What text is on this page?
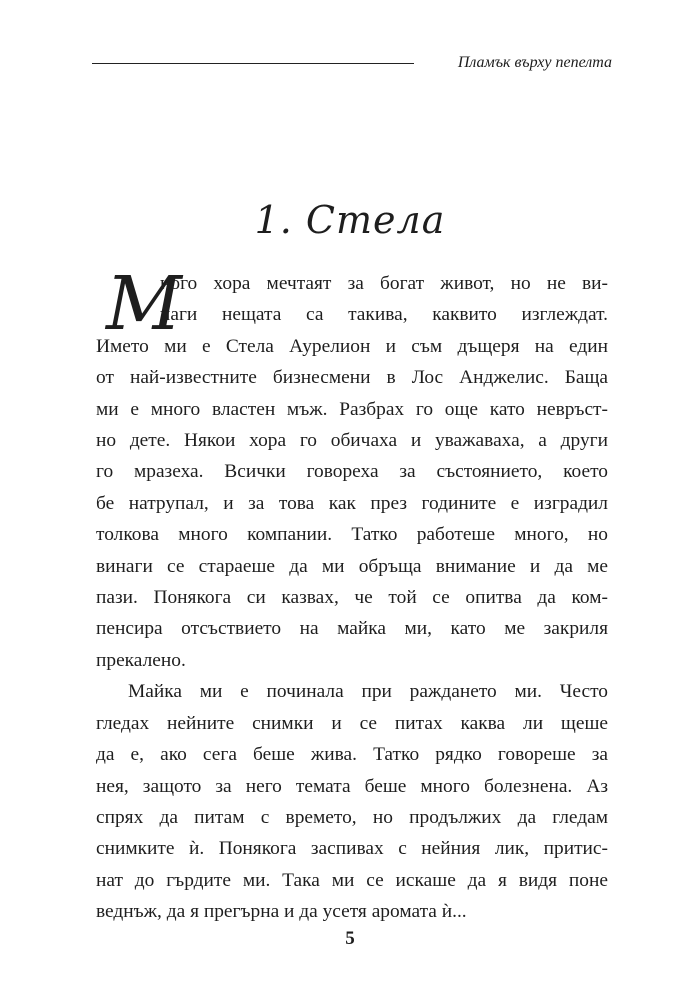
Пламък върху пепелта
1. Стела
М
ного хора мечтаят за богат живот, но не ви-
наги нещата са такива, каквито изглеждат.
Името ми е Стела Аурелион и съм дъщеря на един
от най-известните бизнесмени в Лос Анджелис. Баща
ми е много властен мъж. Разбрах го още като невръст-
но дете. Някои хора го обичаха и уважаваха, а други
го мразеха. Всички говореха за състоянието, което
бе натрупал, и за това как през годините е изградил
толкова много компании. Татко работеше много, но
винаги се стараеше да ми обръща внимание и да ме
пази. Понякога си казвах, че той се опитва да ком-
пенсира отсъствието на майка ми, като ме закриля
прекалено.
Майка ми е починала при раждането ми. Често
гледах нейните снимки и се питах каква ли щеше
да е, ако сега беше жива. Татко рядко говореше за
нея, защото за него темата беше много болезнена. Аз
спрях да питам с времето, но продължих да гледам
снимките ѝ. Понякога заспивах с нейния лик, притис-
нат до гърдите ми. Така ми се искаше да я видя поне
веднъж, да я прегърна и да усетя аромата ѝ...
5
